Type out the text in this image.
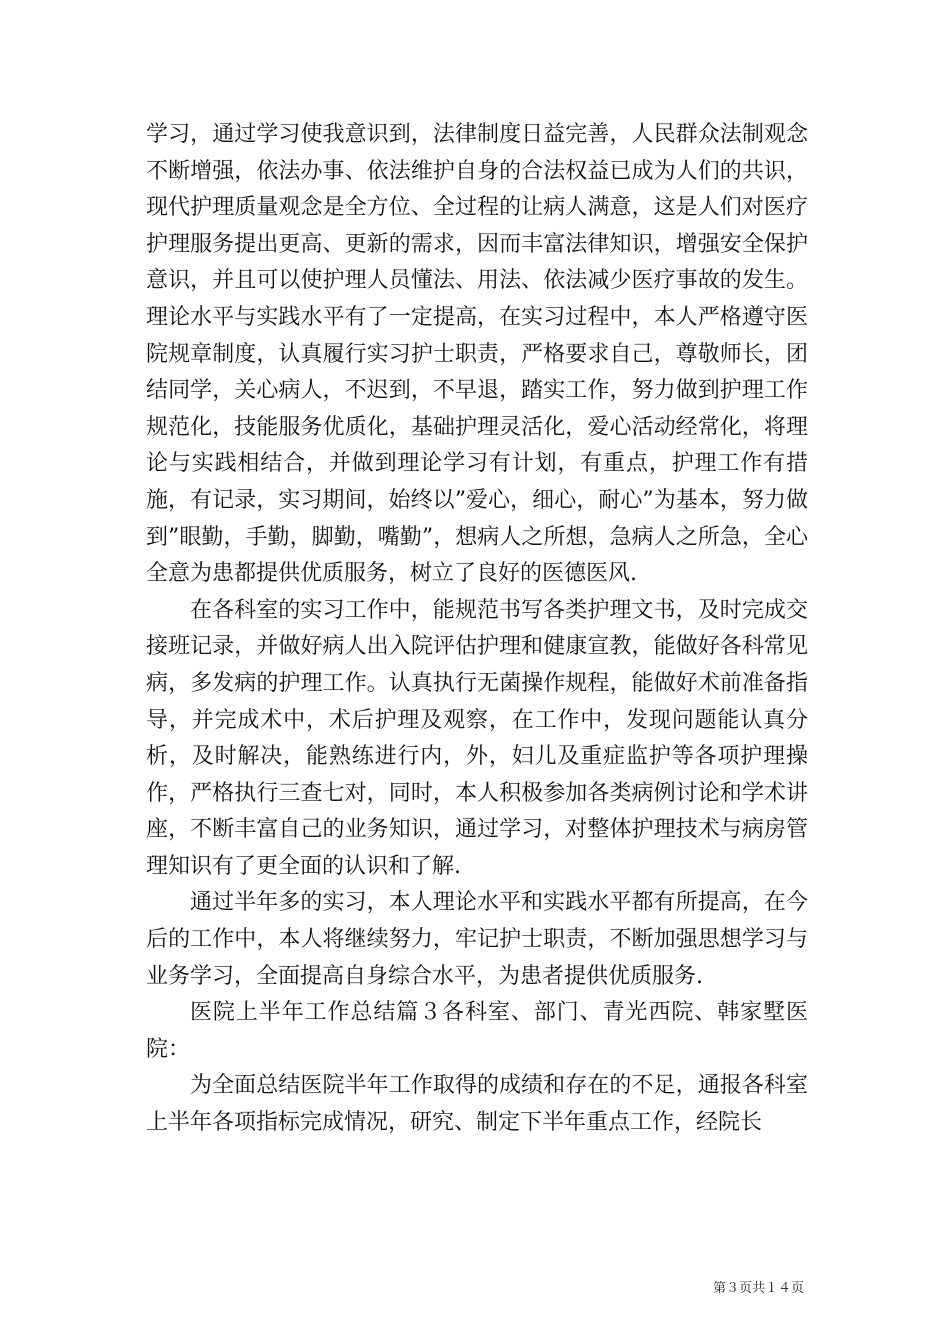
学习，通过学习使我意识到，法律制度日益完善，人民群众法制观念不断增强，依法办事、依法维护自身的合法权益已成为人们的共识，现代护理质量观念是全方位、全过程的让病人满意，这是人们对医疗护理服务提出更高、更新的需求，因而丰富法律知识，增强安全保护意识，并且可以使护理人员懂法、用法、依法减少医疗事故的发生。理论水平与实践水平有了一定提高，在实习过程中，本人严格遵守医院规章制度，认真履行实习护士职责，严格要求自己，尊敬师长，团结同学，关心病人，不迟到，不早退，踏实工作，努力做到护理工作规范化，技能服务优质化，基础护理灵活化，爱心活动经常化，将理论与实践相结合，并做到理论学习有计划，有重点，护理工作有措施，有记录，实习期间，始终以”爱心，细心，耐心”为基本，努力做到”眼勤，手勤，脚勤，嘴勤”，想病人之所想，急病人之所急，全心全意为患都提供优质服务，树立了良好的医德医风.

在各科室的实习工作中，能规范书写各类护理文书，及时完成交接班记录，并做好病人出入院评估护理和健康宣教，能做好各科常见病，多发病的护理工作。认真执行无菌操作规程，能做好术前准备指导，并完成术中，术后护理及观察，在工作中，发现问题能认真分析，及时解决，能熟练进行内，外，妇儿及重症监护等各项护理操作，严格执行三查七对，同时，本人积极参加各类病例讨论和学术讲座，不断丰富自己的业务知识，通过学习，对整体护理技术与病房管理知识有了更全面的认识和了解.

通过半年多的实习，本人理论水平和实践水平都有所提高，在今后的工作中，本人将继续努力，牢记护士职责，不断加强思想学习与业务学习，全面提高自身综合水平，为患者提供优质服务.

医院上半年工作总结篇３各科室、部门、青光西院、韩家墅医院：

为全面总结医院半年工作取得的成绩和存在的不足，通报各科室上半年各项指标完成情况，研究、制定下半年重点工作，经院长

第３页共１４页
